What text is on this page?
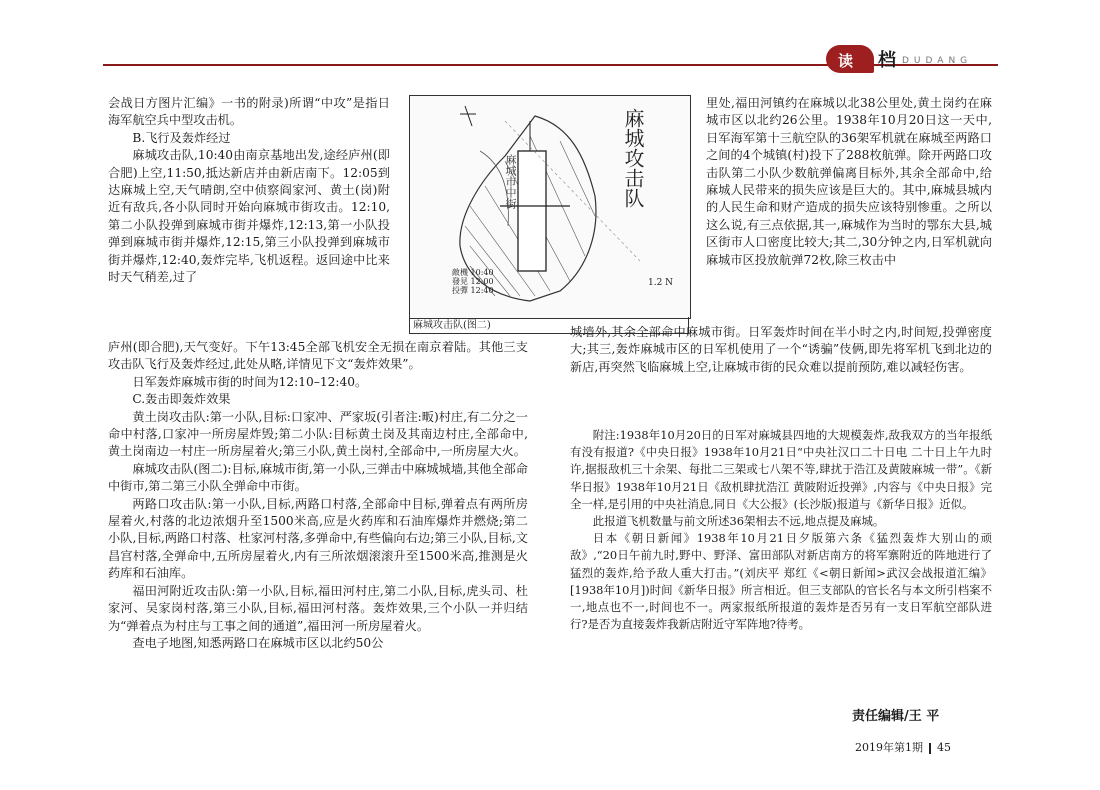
读 档 DUDANG

会战日方图片汇编》一书的附录)所谓“中攻”是指日海军航空兵中型攻击机。

B.飞行及轰炸经过

麻城攻击队,10:40由南京基地出发,途经庐州(即合肥)上空,11:50,抵达新店并由新店南下。12:05到达麻城上空,天气晴朗,空中侦察阎家河、黄土(岗)附近有敌兵,各小队同时开始向麻城市街攻击。12:10,第二小队投弹到麻城市街并爆炸,12:13,第一小队投弹到麻城市街并爆炸,12:15,第三小队投弹到麻城市街并爆炸,12:40,轰炸完毕,飞机返程。返回途中比来时天气稍差,过了

庐州(即合肥),天气变好。下午13:45全部飞机安全无损在南京着陆。其他三支攻击队飞行及轰炸经过,此处从略,详情见下文“轰炸效果”。

日军轰炸麻城市街的时间为12:10–12:40。

C.轰击即轰炸效果

黄土岗攻击队:第一小队,目标:口家冲、严家坂(引者注:畈)村庄,有二分之一命中村落,口家冲一所房屋炸毁;第二小队:目标黄土岗及其南边村庄,全部命中,黄土岗南边一村庄一所房屋着火;第三小队,黄土岗村,全部命中,一所房屋大火。

麻城攻击队(图二):目标,麻城市街,第一小队,三弹击中麻城城墙,其他全部命中街市,第二第三小队全弹命中市街。

两路口攻击队:第一小队,目标,两路口村落,全部命中目标,弹着点有两所房屋着火,村落的北边浓烟升至1500米高,应是火药库和石油库爆炸并燃烧;第二小队,目标,两路口村落、杜家河村落,多弹命中,有些偏向右边;第三小队,目标,文昌宫村落,全弹命中,五所房屋着火,内有三所浓烟滚滚升至1500米高,推测是火药库和石油库。

福田河附近攻击队:第一小队,目标,福田河村庄,第二小队,目标,虎头司、杜家河、吴家岗村落,第三小队,目标,福田河村落。轰炸效果,三个小队一并归结为“弹着点为村庄与工事之间的通道”,福田河一所房屋着火。

查电子地图,知悉两路口在麻城市区以北约50公

麻城攻击队
麻城市中街
敵機 10:40
發見 12:00
投彈 12:40
1.2 N
麻城攻击队(图二)

里处,福田河镇约在麻城以北38公里处,黄土岗约在麻城市区以北约26公里。1938年10月20日这一天中,日军海军第十三航空队的36架军机就在麻城至两路口之间的4个城镇(村)投下了288枚航弹。除开两路口攻击队第二小队少数航弹偏离目标外,其余全部命中,给麻城人民带来的损失应该是巨大的。其中,麻城县城内的人民生命和财产造成的损失应该特别惨重。之所以这么说,有三点依据,其一,麻城作为当时的鄂东大县,城区街市人口密度比较大;其二,30分钟之内,日军机就向麻城市区投放航弹72枚,除三枚击中

城墙外,其余全部命中麻城市街。日军轰炸时间在半小时之内,时间短,投弹密度大;其三,轰炸麻城市区的日军机使用了一个“诱骗”伎俩,即先将军机飞到北边的新店,再突然飞临麻城上空,让麻城市街的民众难以提前预防,难以减轻伤害。

附注:1938年10月20日的日军对麻城县四地的大规模轰炸,敌我双方的当年报纸有没有报道?《中央日报》1938年10月21日“中央社汉口二十日电 二十日上午九时许,据报敌机三十余架、每批二三架或七八架不等,肆扰于浩江及黄陂麻城一带”。《新华日报》1938年10月21日《敌机肆扰浩江 黄陂附近投弹》,内容与《中央日报》完全一样,是引用的中央社消息,同日《大公报》(长沙版)报道与《新华日报》近似。

此报道飞机数量与前文所述36架相去不远,地点提及麻城。

日本《朝日新闻》1938年10月21日夕版第六条《猛烈轰炸大别山的顽敌》,“20日午前九时,野中、野泽、富田部队对新店南方的将军寨附近的阵地进行了猛烈的轰炸,给予敌人重大打击。”(刘庆平 郑红《<朝日新闻>武汉会战报道汇编》[1938年10月])时间《新华日报》所言相近。但三支部队的官长名与本文所引档案不一,地点也不一,时间也不一。两家报纸所报道的轰炸是否另有一支日军航空部队进行?是否为直接轰炸我新店附近守军阵地?待考。

责任编辑/王 平
2019年第1期 45
